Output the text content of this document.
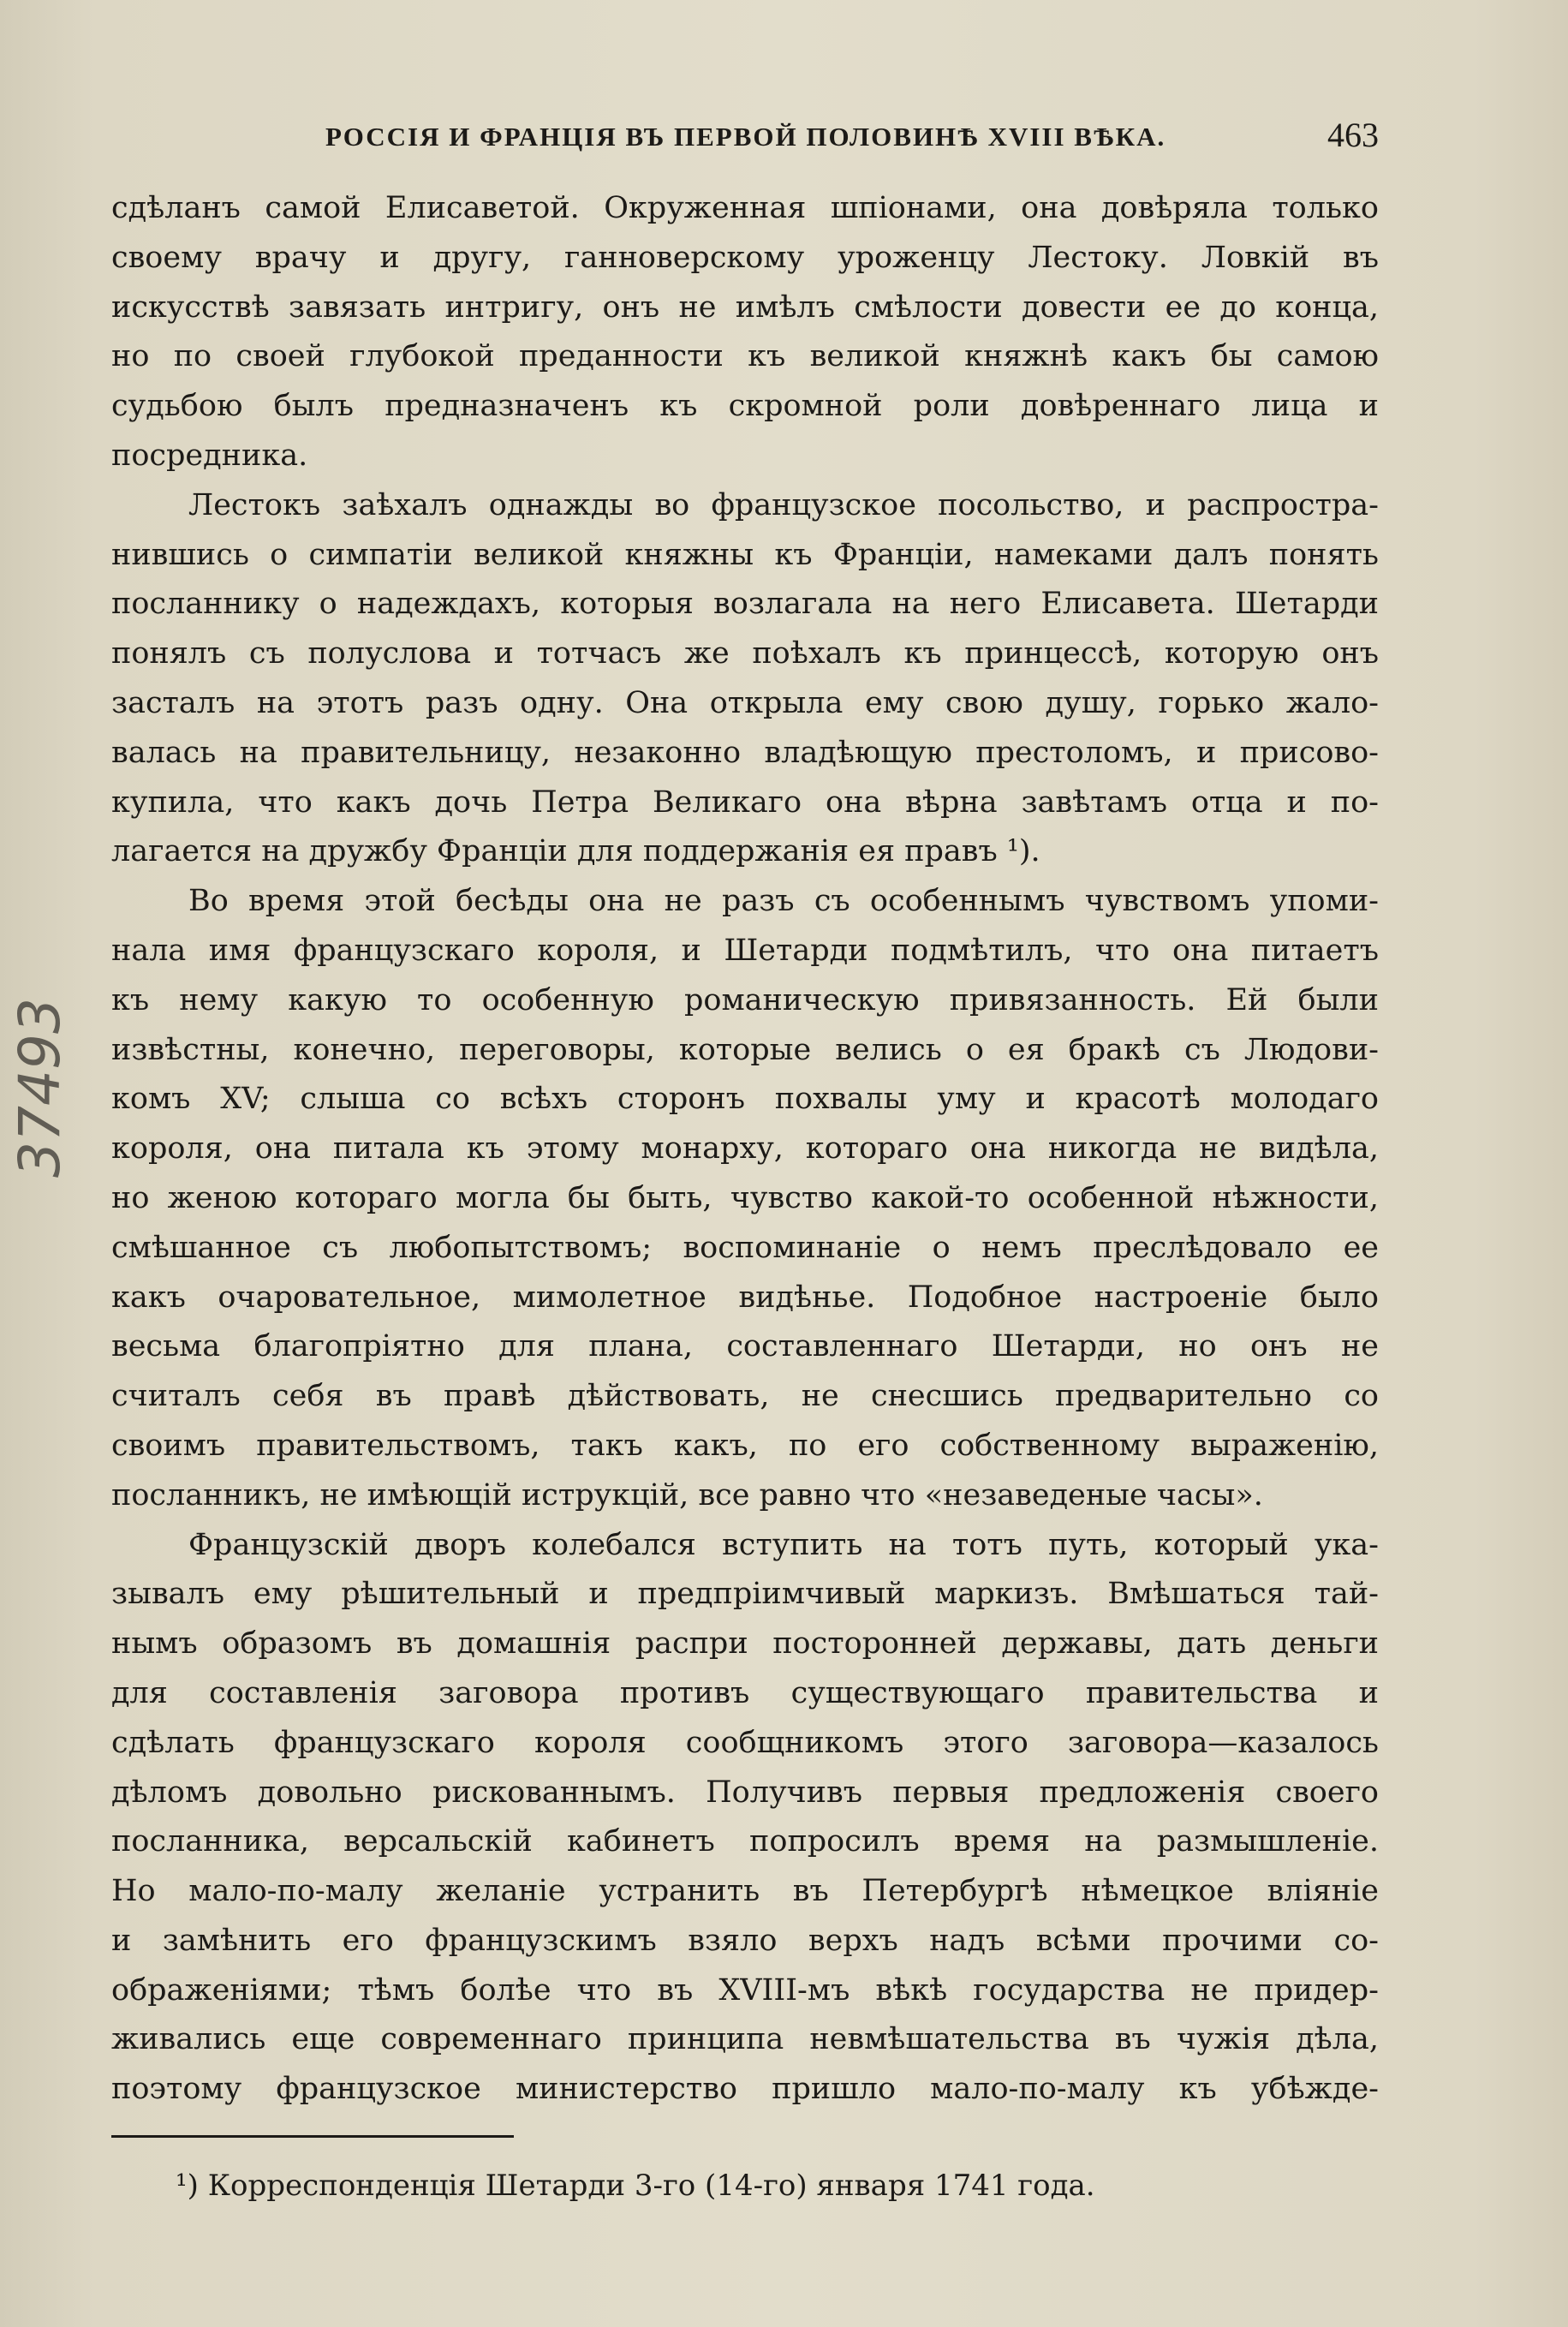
РОССІЯ И ФРАНЦІЯ ВЪ ПЕРВОЙ ПОЛОВИНѢ XVIII ВѢКА.	463
37493
сдѣланъ самой Елисаветой. Окруженная шпіонами, она довѣряла только
своему врачу и другу, ганноверскому уроженцу Лестоку. Ловкій въ
искусствѣ завязать интригу, онъ не имѣлъ смѣлости довести ее до конца,
но по своей глубокой преданности къ великой княжнѣ какъ бы самою
судьбою былъ предназначенъ къ скромной роли довѣреннаго лица и
посредника.
Лестокъ заѣхалъ однажды во французское посольство, и распростра-
нившись о симпатіи великой княжны къ Франціи, намеками далъ понять
посланнику о надеждахъ, которыя возлагала на него Елисавета. Шетарди
понялъ съ полуслова и тотчасъ же поѣхалъ къ принцессѣ, которую онъ
засталъ на этотъ разъ одну. Она открыла ему свою душу, горько жало-
валась на правительницу, незаконно владѣющую престоломъ, и присово-
купила, что какъ дочь Петра Великаго она вѣрна завѣтамъ отца и по-
лагается на дружбу Франціи для поддержанія ея правъ ¹).
Во время этой бесѣды она не разъ съ особеннымъ чувствомъ упоми-
нала имя французскаго короля, и Шетарди подмѣтилъ, что она питаетъ
къ нему какую то особенную романическую привязанность. Ей были
извѣстны, конечно, переговоры, которые велись о ея бракѣ съ Людови-
комъ XV; слыша со всѣхъ сторонъ похвалы уму и красотѣ молодаго
короля, она питала къ этому монарху, котораго она никогда не видѣла,
но женою котораго могла бы быть, чувство какой-то особенной нѣжности,
смѣшанное съ любопытствомъ; воспоминаніе о немъ преслѣдовало ее
какъ очаровательное, мимолетное видѣнье. Подобное настроеніе было
весьма благопріятно для плана, составленнаго Шетарди, но онъ не
считалъ себя въ правѣ дѣйствовать, не снесшись предварительно со
своимъ правительствомъ, такъ какъ, по его собственному выраженію,
посланникъ, не имѣющій иструкцій, все равно что «незаведеные часы».
Французскій дворъ колебался вступить на тотъ путь, который ука-
зывалъ ему рѣшительный и предпріимчивый маркизъ. Вмѣшаться тай-
нымъ образомъ въ домашнія распри посторонней державы, дать деньги
для составленія заговора противъ существующаго правительства и
сдѣлать французскаго короля сообщникомъ этого заговора—казалось
дѣломъ довольно рискованнымъ. Получивъ первыя предложенія своего
посланника, версальскій кабинетъ попросилъ время на размышленіе.
Но мало-по-малу желаніе устранить въ Петербургѣ нѣмецкое вліяніе
и замѣнить его французскимъ взяло верхъ надъ всѣми прочими со-
ображеніями; тѣмъ болѣе что въ XVIII-мъ вѣкѣ государства не придер-
живались еще современнаго принципа невмѣшательства въ чужія дѣла,
поэтому французское министерство пришло мало-по-малу къ убѣжде-
¹) Корреспонденція Шетарди 3-го (14-го) января 1741 года.
